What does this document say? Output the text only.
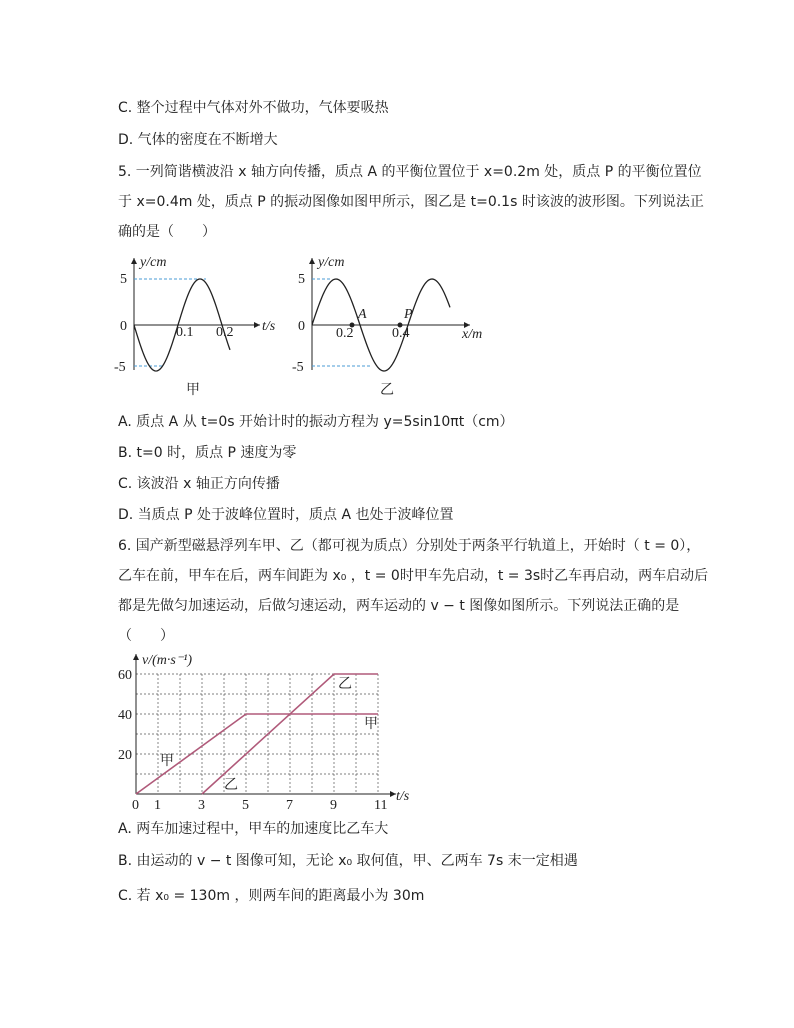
C. 整个过程中气体对外不做功，气体要吸热
D. 气体的密度在不断增大
5. 一列简谐横波沿 x 轴方向传播，质点 A 的平衡位置位于 x=0.2m 处，质点 P 的平衡位置位
于 x=0.4m 处，质点 P 的振动图像如图甲所示，图乙是 t=0.1s 时该波的波形图。下列说法正
确的是（　　）
y/cm
t/s
5
0
-5
0.1 0.2
甲
y/cm
x/m
5
0
-5
A	P
0.2	0.4
乙
A. 质点 A 从 t=0s 开始计时的振动方程为 y=5sin10πt（cm）
B. t=0 时，质点 P 速度为零
C. 该波沿 x 轴正方向传播
D. 当质点 P 处于波峰位置时，质点 A 也处于波峰位置
6. 国产新型磁悬浮列车甲、乙（都可视为质点）分别处于两条平行轨道上，开始时（ t = 0），
乙车在前，甲车在后，两车间距为 x₀ ，t = 0时甲车先启动，t = 3s时乙车再启动，两车启动后
都是先做匀加速运动，后做匀速运动，两车运动的 v − t 图像如图所示。下列说法正确的是
（　　）
0 1	3	5	7	9	11
20
40
60
v/(m·s⁻¹)
t/s
甲
甲
乙
乙
A. 两车加速过程中，甲车的加速度比乙车大
B. 由运动的 v − t 图像可知，无论 x₀ 取何值，甲、乙两车 7s 末一定相遇
C. 若 x₀ = 130m ，则两车间的距离最小为 30m
